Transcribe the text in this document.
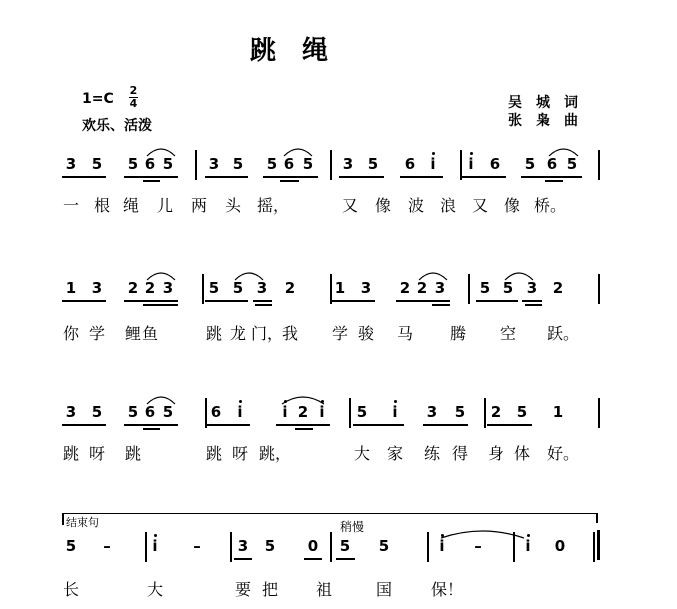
跳　绳
1=C
2
4
欢乐、活泼
吴　城　词
张　枭　曲
3 5 5 6 5 3 5 5 6 5 3 5 6	i	i	6 5 6 5
一 根 绳 儿 两 头 摇，	又 像 波 浪 又 像 桥。
1 3 2 2 3 5 5 3 2	1 3 2 2 3 5 5 3 2
你 学 鲤 鱼	跳 龙 门，
我 学 骏 马 腾 空 跃。
3 5 5 6 5	6	i	i 2 i	5	i	3 5 2 5 1
跳 呀 跳	跳 呀 跳，	大 家 练 得 身 体 好。
5	–	i	–	3 5 0 5 5	i	–	i	0
长	大	要 把 祖	国 保！
结束句	稍慢
